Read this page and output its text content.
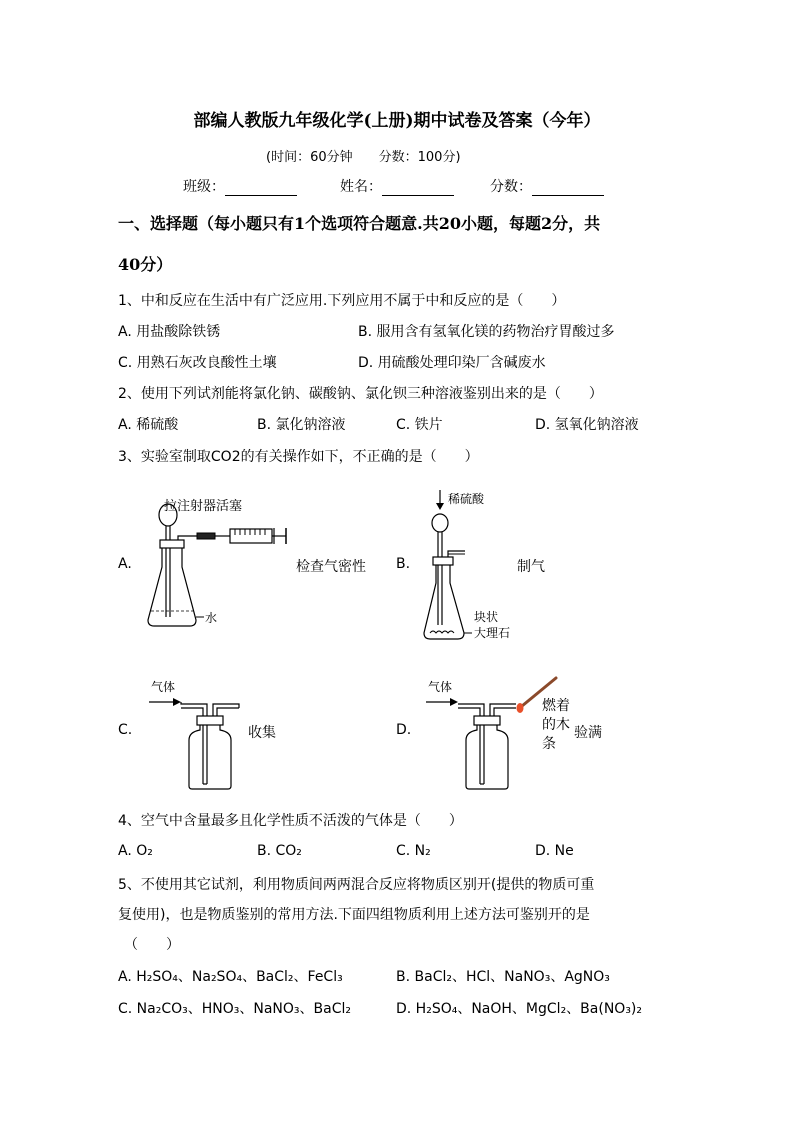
部编人教版九年级化学(上册)期中试卷及答案（今年）
(时间：60分钟 分数：100分)
班级：	姓名：	分数：
一、选择题（每小题只有1个选项符合题意.共20小题，每题2分，共
40分）
1、中和反应在生活中有广泛应用.下列应用不属于中和反应的是（　　）
A. 用盐酸除铁锈	B. 服用含有氢氧化镁的药物治疗胃酸过多
C. 用熟石灰改良酸性土壤	D. 用硫酸处理印染厂含碱废水
2、使用下列试剂能将氯化钠、碳酸钠、氯化钡三种溶液鉴别出来的是（　　）
A. 稀硫酸	B. 氯化钠溶液	C. 铁片	D. 氢氧化钠溶液
3、实验室制取CO2的有关操作如下，不正确的是（　　）
A.
拉注射器活塞
水
检查气密性 B.
稀硫酸
块状
大理石
制气
C.
气体
收集	D.
气体
燃着
的木
条
验满
4、空气中含量最多且化学性质不活泼的气体是（　　）
A. O₂	B. CO₂	C. N₂	D. Ne
5、不使用其它试剂，利用物质间两两混合反应将物质区别开(提供的物质可重
复使用)，也是物质鉴别的常用方法.下面四组物质利用上述方法可鉴别开的是
（　　）
A. H₂SO₄、Na₂SO₄、BaCl₂、FeCl₃	B. BaCl₂、HCl、NaNO₃、AgNO₃
C. Na₂CO₃、HNO₃、NaNO₃、BaCl₂	D. H₂SO₄、NaOH、MgCl₂、Ba(NO₃)₂
